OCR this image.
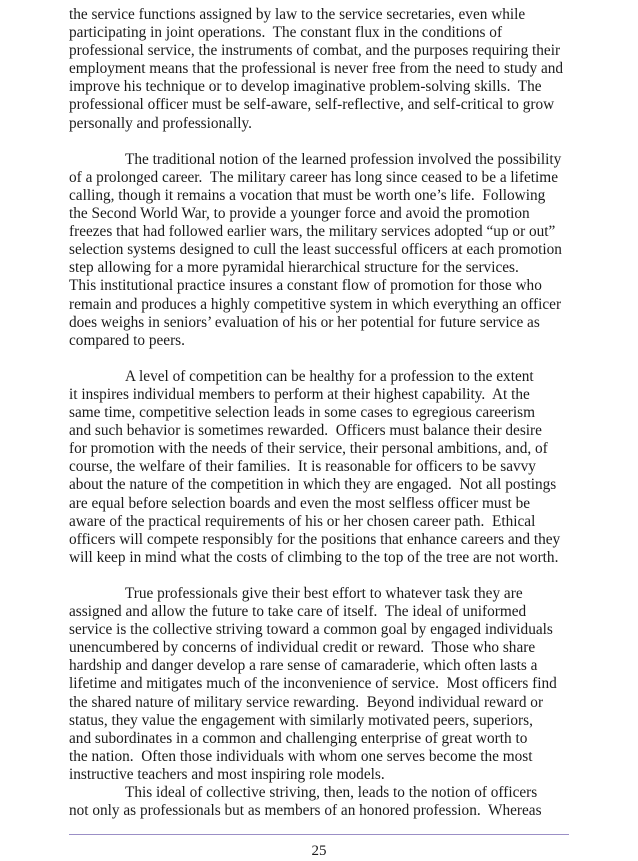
the service functions assigned by law to the service secretaries, even while
participating in joint operations.  The constant flux in the conditions of
professional service, the instruments of combat, and the purposes requiring their
employment means that the professional is never free from the need to study and
improve his technique or to develop imaginative problem-solving skills.  The
professional officer must be self-aware, self-reflective, and self-critical to grow
personally and professionally.
The traditional notion of the learned profession involved the possibility
of a prolonged career.  The military career has long since ceased to be a lifetime
calling, though it remains a vocation that must be worth one’s life.  Following
the Second World War, to provide a younger force and avoid the promotion
freezes that had followed earlier wars, the military services adopted “up or out”
selection systems designed to cull the least successful officers at each promotion
step allowing for a more pyramidal hierarchical structure for the services.
This institutional practice insures a constant flow of promotion for those who
remain and produces a highly competitive system in which everything an officer
does weighs in seniors’ evaluation of his or her potential for future service as
compared to peers.
A level of competition can be healthy for a profession to the extent
it inspires individual members to perform at their highest capability.  At the
same time, competitive selection leads in some cases to egregious careerism
and such behavior is sometimes rewarded.  Officers must balance their desire
for promotion with the needs of their service, their personal ambitions, and, of
course, the welfare of their families.  It is reasonable for officers to be savvy
about the nature of the competition in which they are engaged.  Not all postings
are equal before selection boards and even the most selfless officer must be
aware of the practical requirements of his or her chosen career path.  Ethical
officers will compete responsibly for the positions that enhance careers and they
will keep in mind what the costs of climbing to the top of the tree are not worth.
True professionals give their best effort to whatever task they are
assigned and allow the future to take care of itself.  The ideal of uniformed
service is the collective striving toward a common goal by engaged individuals
unencumbered by concerns of individual credit or reward.  Those who share
hardship and danger develop a rare sense of camaraderie, which often lasts a
lifetime and mitigates much of the inconvenience of service.  Most officers find
the shared nature of military service rewarding.  Beyond individual reward or
status, they value the engagement with similarly motivated peers, superiors,
and subordinates in a common and challenging enterprise of great worth to
the nation.  Often those individuals with whom one serves become the most
instructive teachers and most inspiring role models.
This ideal of collective striving, then, leads to the notion of officers
not only as professionals but as members of an honored profession.  Whereas
25
